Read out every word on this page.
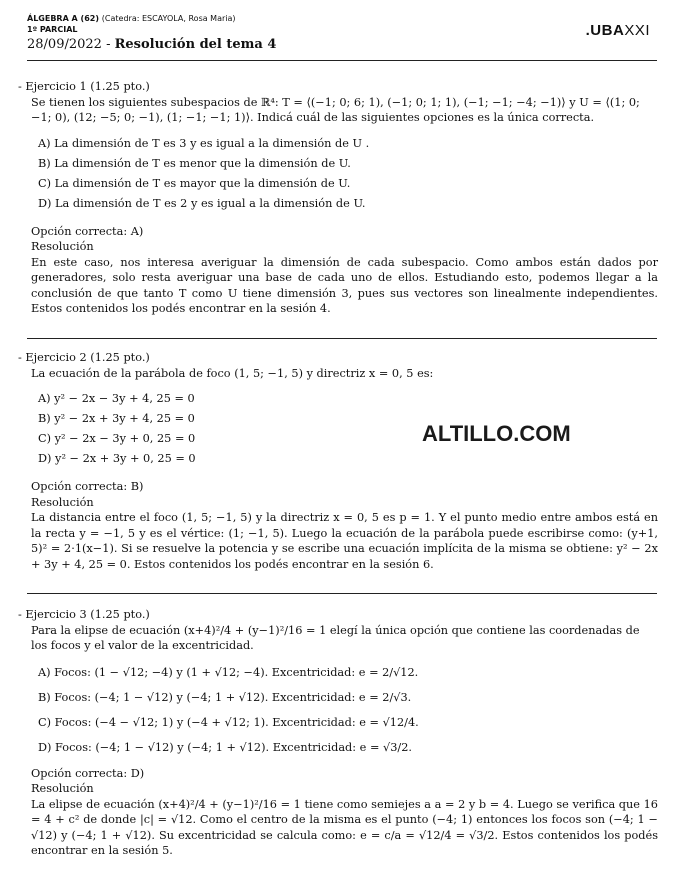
ÁLGEBRA A (62) (Catedra: ESCAYOLA, Rosa Maria)
1º PARCIAL
28/09/2022 - Resolución del tema 4
.UBAXXI
- Ejercicio 1 (1.25 pto.)
Se tienen los siguientes subespacios de ℝ⁴: T = ⟨(−1; 0; 6; 1), (−1; 0; 1; 1), (−1; −1; −4; −1)⟩ y U = ⟨(1; 0; −1; 0), (12; −5; 0; −1), (1; −1; −1; 1)⟩. Indicá cuál de las siguientes opciones es la única correcta.
A) La dimensión de T es 3 y es igual a la dimensión de U .
B) La dimensión de T es menor que la dimensión de U.
C) La dimensión de T es mayor que la dimensión de U.
D) La dimensión de T es 2 y es igual a la dimensión de U.
Opción correcta: A)
Resolución
En este caso, nos interesa averiguar la dimensión de cada subespacio. Como ambos están dados por generadores, solo resta averiguar una base de cada uno de ellos. Estudiando esto, podemos llegar a la conclusión de que tanto T como U tiene dimensión 3, pues sus vectores son linealmente independientes. Estos contenidos los podés encontrar en la sesión 4.
- Ejercicio 2 (1.25 pto.)
La ecuación de la parábola de foco (1, 5; −1, 5) y directriz x = 0, 5 es:
A) y² − 2x − 3y + 4, 25 = 0
B) y² − 2x + 3y + 4, 25 = 0
C) y² − 2x − 3y + 0, 25 = 0
D) y² − 2x + 3y + 0, 25 = 0
Opción correcta: B)
Resolución
La distancia entre el foco (1, 5; −1, 5) y la directriz x = 0, 5 es p = 1. Y el punto medio entre ambos está en la recta y = −1, 5 y es el vértice: (1; −1, 5). Luego la ecuación de la parábola puede escribirse como: (y+1, 5)² = 2·1(x−1). Si se resuelve la potencia y se escribe una ecuación implícita de la misma se obtiene: y² − 2x + 3y + 4, 25 = 0. Estos contenidos los podés encontrar en la sesión 6.
ALTILLO.COM
- Ejercicio 3 (1.25 pto.)
Para la elipse de ecuación (x+4)²/4 + (y−1)²/16 = 1 elegí la única opción que contiene las coordenadas de los focos y el valor de la excentricidad.
A) Focos: (1 − √12; −4) y (1 + √12; −4). Excentricidad: e = 2/√12.
B) Focos: (−4; 1 − √12) y (−4; 1 + √12). Excentricidad: e = 2/√3.
C) Focos: (−4 − √12; 1) y (−4 + √12; 1). Excentricidad: e = √12/4.
D) Focos: (−4; 1 − √12) y (−4; 1 + √12). Excentricidad: e = √3/2.
Opción correcta: D)
Resolución
La elipse de ecuación (x+4)²/4 + (y−1)²/16 = 1 tiene como semiejes a a = 2 y b = 4. Luego se verifica que 16 = 4 + c² de donde |c| = √12. Como el centro de la misma es el punto (−4; 1) entonces los focos son (−4; 1 − √12) y (−4; 1 + √12). Su excentricidad se calcula como: e = c/a = √12/4 = √3/2. Estos contenidos los podés encontrar en la sesión 5.
